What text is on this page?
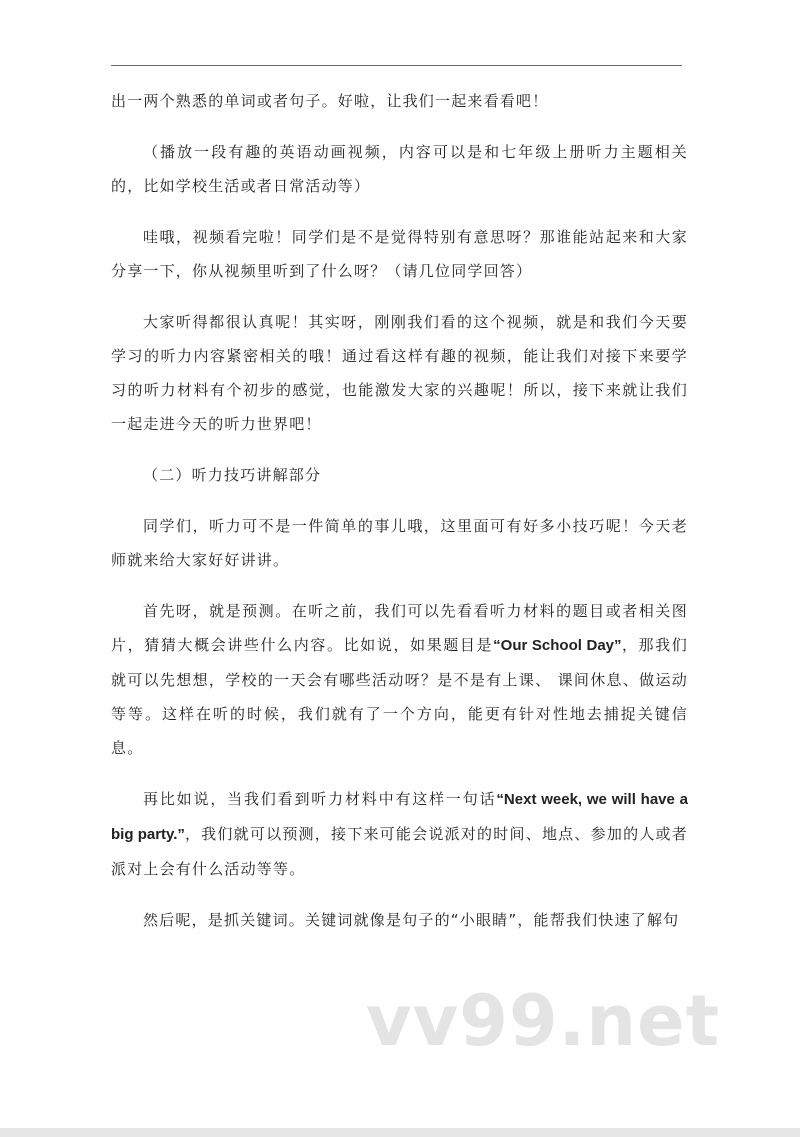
出一两个熟悉的单词或者句子。好啦，让我们一起来看看吧！

（播放一段有趣的英语动画视频，内容可以是和七年级上册听力主题相关的，比如学校生活或者日常活动等）

哇哦，视频看完啦！同学们是不是觉得特别有意思呀？那谁能站起来和大家分享一下，你从视频里听到了什么呀？（请几位同学回答）

大家听得都很认真呢！其实呀，刚刚我们看的这个视频，就是和我们今天要学习的听力内容紧密相关的哦！通过看这样有趣的视频，能让我们对接下来要学习的听力材料有个初步的感觉，也能激发大家的兴趣呢！所以，接下来就让我们一起走进今天的听力世界吧！

（二）听力技巧讲解部分

同学们，听力可不是一件简单的事儿哦，这里面可有好多小技巧呢！今天老师就来给大家好好讲讲。

首先呀，就是预测。在听之前，我们可以先看看听力材料的题目或者相关图片，猜猜大概会讲些什么内容。比如说，如果题目是“Our School Day”，那我们就可以先想想，学校的一天会有哪些活动呀？是不是有上课、 课间休息、做运动等等。这样在听的时候，我们就有了一个方向，能更有针对性地去捕捉关键信息。

再比如说，当我们看到听力材料中有这样一句话“Next week, we will have a big party.”，我们就可以预测，接下来可能会说派对的时间、地点、参加的人或者派对上会有什么活动等等。

然后呢，是抓关键词。关键词就像是句子的“小眼睛”，能帮我们快速了解句

vv99.net
